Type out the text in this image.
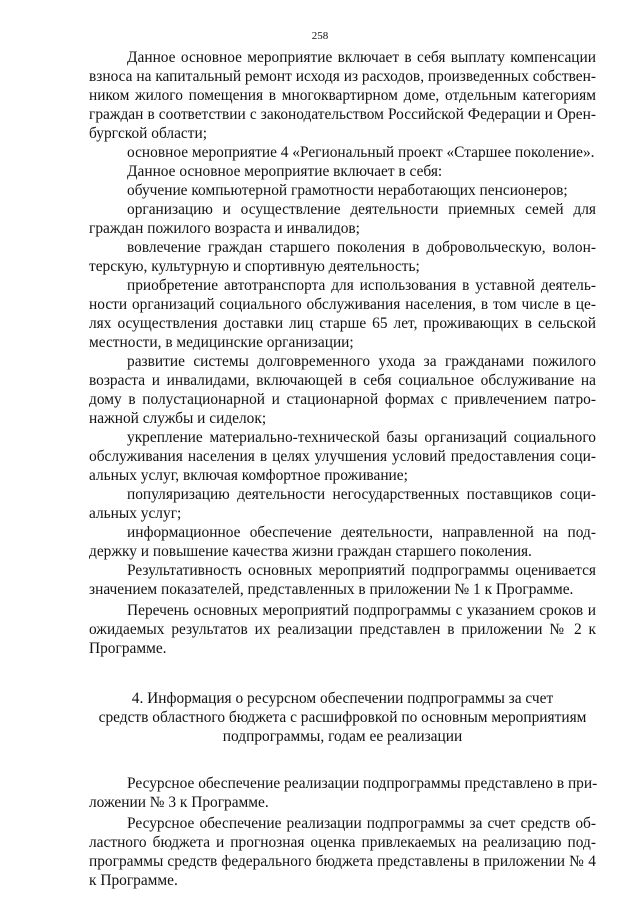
258
Данное основное мероприятие включает в себя выплату компенсации
взноса на капитальный ремонт исходя из расходов, произведенных собствен-
ником жилого помещения в многоквартирном доме, отдельным категориям
граждан в соответствии с законодательством Российской Федерации и Орен-
бургской области;
основное мероприятие 4 «Региональный проект «Старшее поколение».
Данное основное мероприятие включает в себя:
обучение компьютерной грамотности неработающих пенсионеров;
организацию и осуществление деятельности приемных семей для
граждан пожилого возраста и инвалидов;
вовлечение граждан старшего поколения в добровольческую, волон-
терскую, культурную и спортивную деятельность;
приобретение автотранспорта для использования в уставной деятель-
ности организаций социального обслуживания населения, в том числе в це-
лях осуществления доставки лиц старше 65 лет, проживающих в сельской
местности, в медицинские организации;
развитие системы долговременного ухода за гражданами пожилого
возраста и инвалидами, включающей в себя социальное обслуживание на
дому в полустационарной и стационарной формах с привлечением патро-
нажной службы и сиделок;
укрепление материально-технической базы организаций социального
обслуживания населения в целях улучшения условий предоставления соци-
альных услуг, включая комфортное проживание;
популяризацию деятельности негосударственных поставщиков соци-
альных услуг;
информационное обеспечение деятельности, направленной на под-
держку и повышение качества жизни граждан старшего поколения.
Результативность основных мероприятий подпрограммы оценивается
значением показателей, представленных в приложении № 1 к Программе.
Перечень основных мероприятий подпрограммы с указанием сроков и
ожидаемых результатов их реализации представлен в приложении № 2 к
Программе.
4. Информация о ресурсном обеспечении подпрограммы за счет
средств областного бюджета с расшифровкой по основным мероприятиям
подпрограммы, годам ее реализации
Ресурсное обеспечение реализации подпрограммы представлено в при-
ложении № 3 к Программе.
Ресурсное обеспечение реализации подпрограммы за счет средств об-
ластного бюджета и прогнозная оценка привлекаемых на реализацию под-
программы средств федерального бюджета представлены в приложении № 4
к Программе.
